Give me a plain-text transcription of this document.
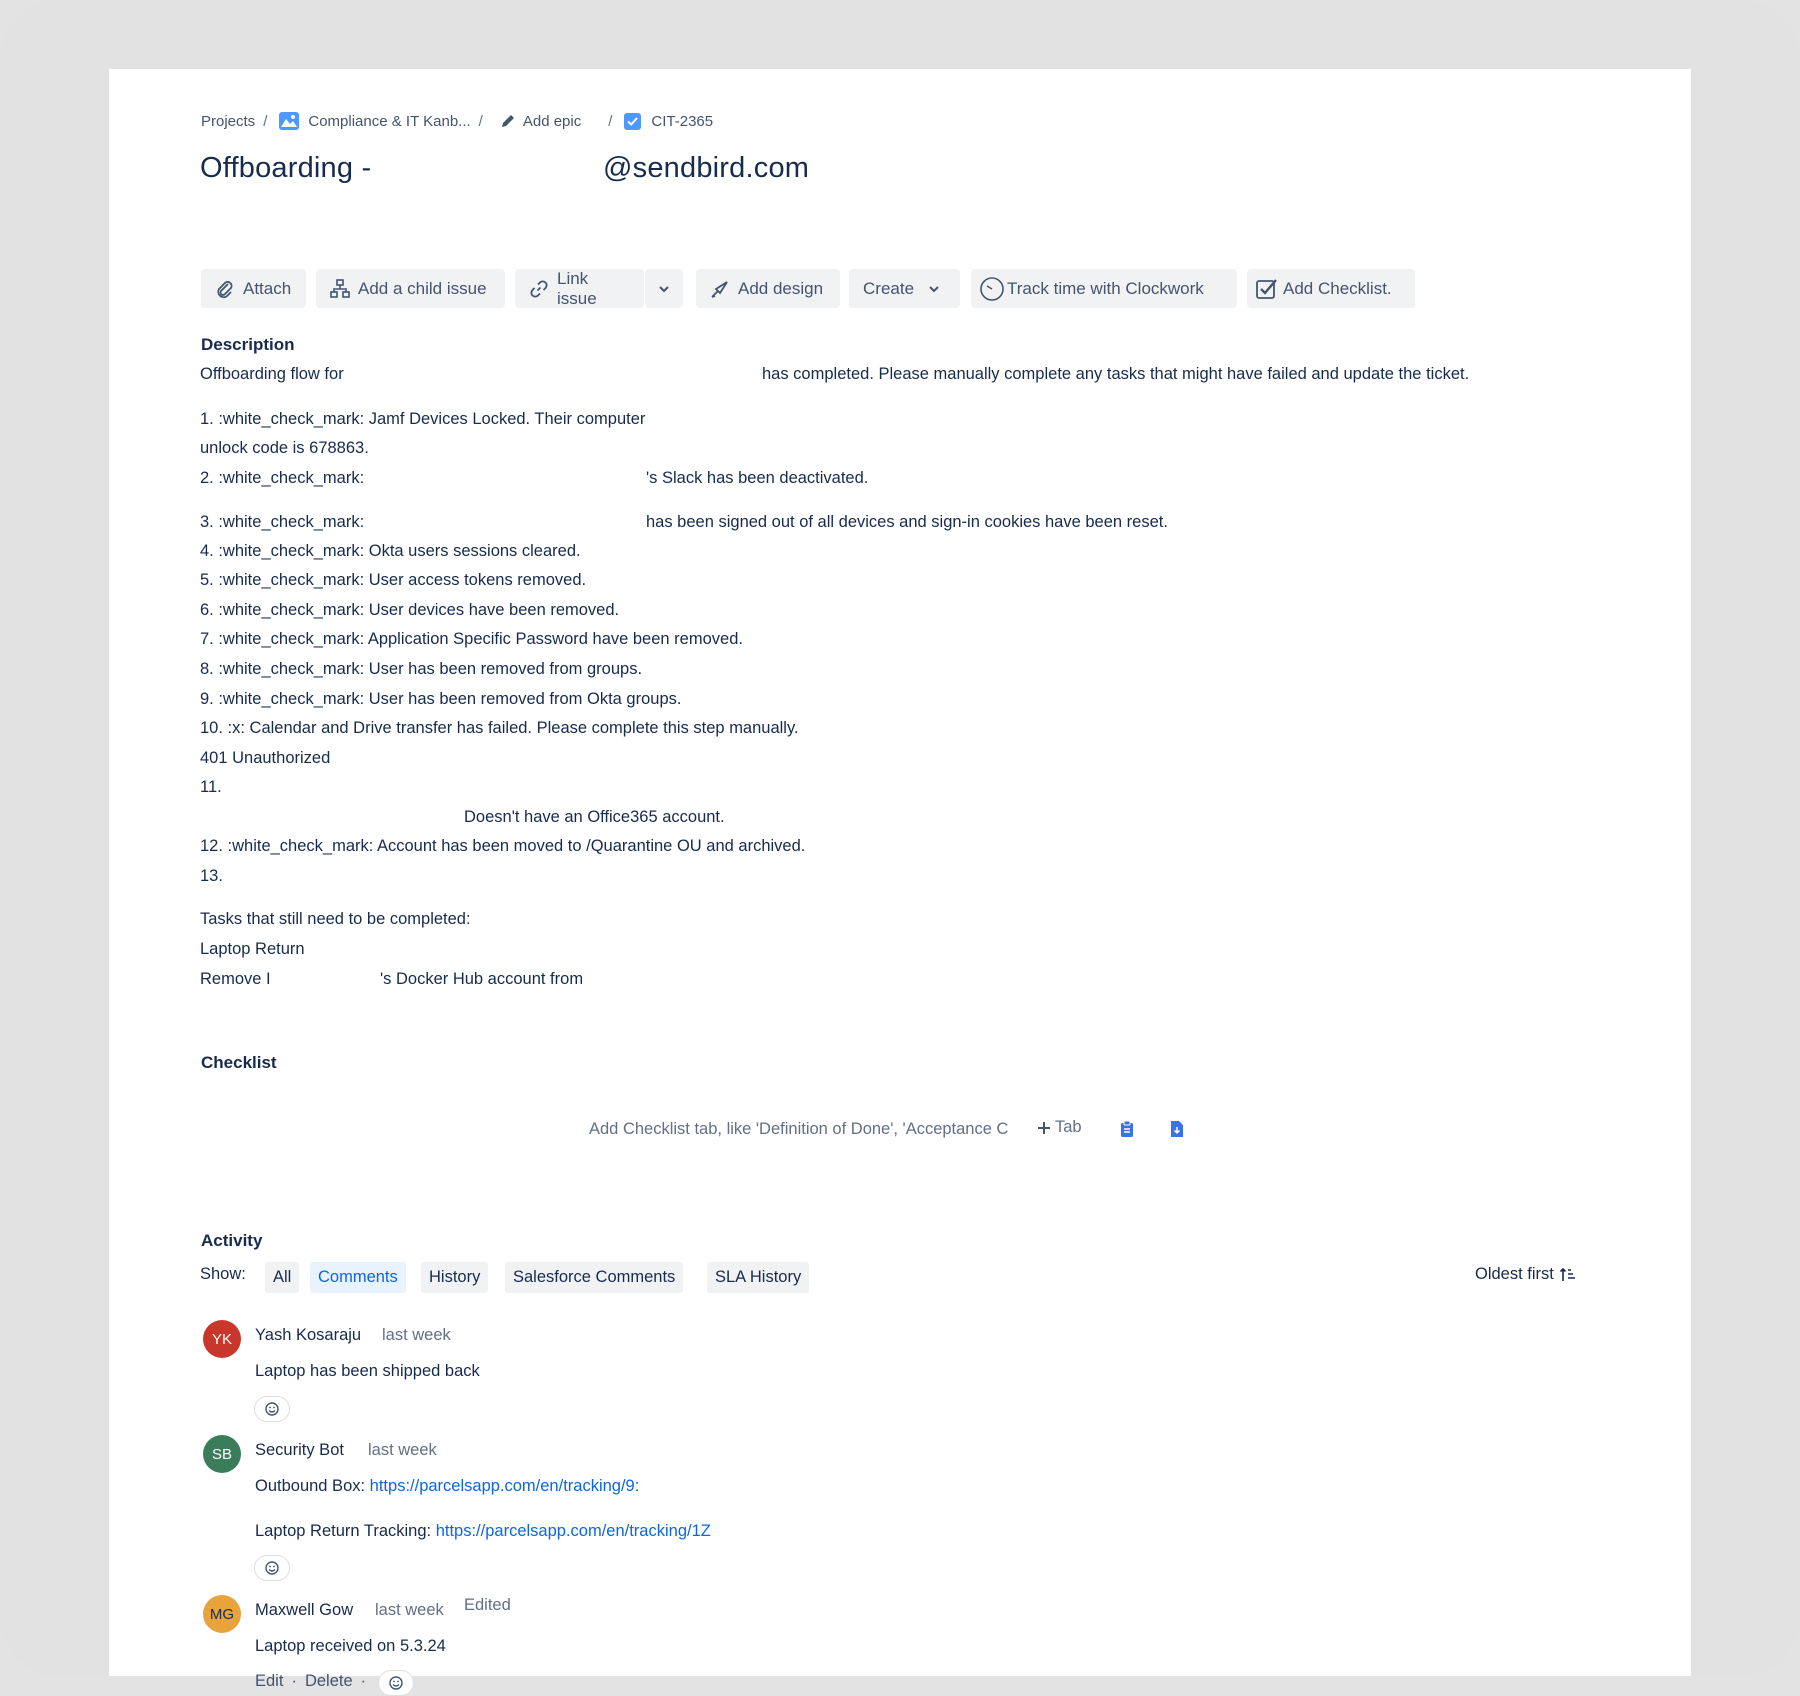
Projects /	Compliance & IT Kanb... /	Add epic /	CIT-2365
Offboarding -	@sendbird.com
Attach	Add a child issue
Link issue
Add design Create	Track time with Clockwork	Add Checklist.
Description
Offboarding flow for	has completed. Please manually complete any tasks that might have failed and update the ticket.
1. :white_check_mark: Jamf Devices Locked. Their computer
unlock code is 678863.
2. :white_check_mark:	's Slack has been deactivated.
3. :white_check_mark:	has been signed out of all devices and sign-in cookies have been reset.
4. :white_check_mark: Okta users sessions cleared.
5. :white_check_mark: User access tokens removed.
6. :white_check_mark: User devices have been removed.
7. :white_check_mark: Application Specific Password have been removed.
8. :white_check_mark: User has been removed from groups.
9. :white_check_mark: User has been removed from Okta groups.
10. :x: Calendar and Drive transfer has failed. Please complete this step manually.
401 Unauthorized
11.
Doesn't have an Office365 account.
12. :white_check_mark: Account has been moved to /Quarantine OU and archived.
13.
Tasks that still need to be completed:
Laptop Return
Remove I	's Docker Hub account from
Checklist
Add Checklist tab, like 'Definition of Done', 'Acceptance C	Tab
Activity
Show:	All	Comments	History	Salesforce Comments	SLA History	Oldest first
YK	Yash Kosaraju last week
Laptop has been shipped back
SB	Security Bot last week
Outbound Box: https://parcelsapp.com/en/tracking/9:
Laptop Return Tracking: https://parcelsapp.com/en/tracking/1Z
MG	Maxwell Gow last week Edited
Laptop received on 5.3.24
Edit · Delete ·
